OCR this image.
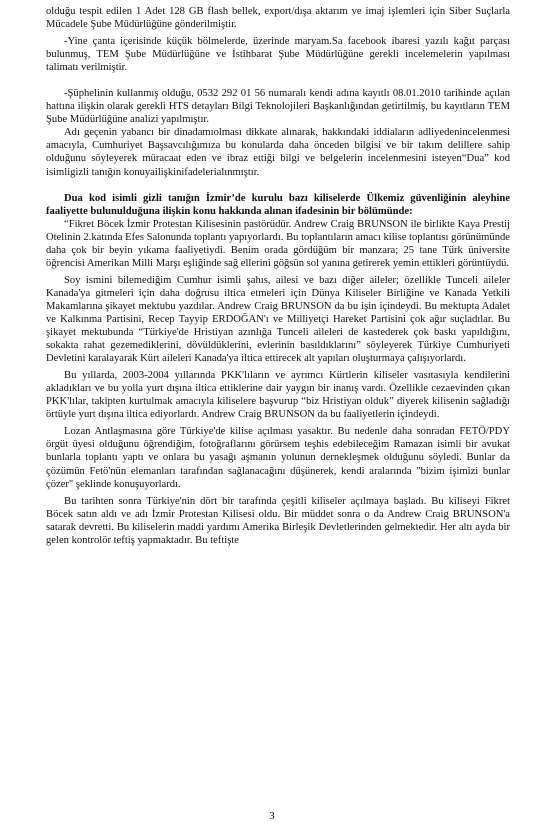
olduğu tespit edilen 1 Adet 128 GB flash bellek, export/dışa aktarım ve imaj işlemleri için Siber Suçlarla Mücadele Şube Müdürlüğüne gönderilmiştir.

-Yine çanta içerisinde küçük bölmelerde, üzerinde maryam.Sa facebook ibaresi yazılı kağıt parçası bulunmuş, TEM Şube Müdürlüğüne ve İstihbarat Şube Müdürlüğüne gerekli incelemelerin yapılması talimatı verilmiştir.

-Şüphelinin kullanmış olduğu, 0532 292 01 56 numaralı kendi adına kayıtlı 08.01.2010 tarihinde açılan hattına ilişkin olarak gerekli HTS detayları Bilgi Teknolojileri Başkanlığından getirtilmiş, bu kayıtların TEM Şube Müdürlüğüne analizi yapılmıştır.

Adı geçenin yabancı bir dinadamıolması dikkate alınarak, hakkındaki iddiaların adliyedenincelenmesi amacıyla, Cumhuriyet Başsavcılığımıza bu konularda daha önceden bilgisi ve bir takım delillere sahip olduğunu söyleyerek müracaat eden ve ibraz ettiği bilgi ve belgelerin incelenmesini isteyen“Dua” kod isimligizli tanığın konuyailişkinifadelerialınmıştır.

Dua kod isimli gizli tanığın İzmir’de kurulu bazı kiliselerde Ülkemiz güvenliğinin aleyhine faaliyette bulunulduğuna ilişkin konu hakkında alınan ifadesinin bir bölümünde:

“Fikret Böcek İzmir Protestan Kilisesinin pastörüdür. Andrew Craig BRUNSON ile birlikte Kaya Prestij Otelinin 2.katında Efes Salonunda toplantı yapıyorlardı. Bu toplantıların amacı kilise toplantısı görünümünde daha çok bir beyin yıkama faaliyetiydi. Benim orada gördüğüm bir manzara; 25 tane Türk üniversite öğrencisi Amerikan Milli Marşı eşliğinde sağ ellerini göğsün sol yanına getirerek yemin ettikleri görüntüydü.

Soy ismini bilemediğim Cumhur isimli şahıs, ailesi ve bazı diğer aileler; özellikle Tunceli aileler Kanada'ya gitmeleri için daha doğrusu iltica etmeleri için Dünya Kiliseler Birliğine ve Kanada Yetkili Makamlarına şikayet mektubu yazdılar. Andrew Craig BRUNSON da bu işin içindeydi. Bu mektupta Adalet ve Kalkınma Partisini, Recep Tayyip ERDOĞAN'ı ve Milliyetçi Hareket Partisini çok ağır suçladılar. Bu şikayet mektubunda “Türkiye'de Hristiyan azınlığa Tunceli aileleri de kastederek çok baskı yapıldığını, sokakta rahat gezemediklerini, dövüldüklerini, evlerinin basıldıklarını” söyleyerek Türkiye Cumhuriyeti Devletini karalayarak Kürt aileleri Kanada'ya iltica ettirecek alt yapıları oluşturmaya çalışıyorlardı.

Bu yıllarda, 2003-2004 yıllarında PKK'lıların ve ayrımcı Kürtlerin kiliseler vasıtasıyla kendilerini akladıkları ve bu yolla yurt dışına iltica ettiklerine dair yaygın bir inanış vardı. Özellikle cezaevinden çıkan PKK'lılar, takipten kurtulmak amacıyla kiliselere başvurup “biz Hristiyan olduk” diyerek kilisenin sağladığı örtüyle yurt dışına iltica ediyorlardı. Andrew Craig BRUNSON da bu faaliyetlerin içindeydi.

Lozan Antlaşmasına göre Türkiye'de kilise açılması yasaktır. Bu nedenle daha sonradan FETÖ/PDY örgüt üyesi olduğunu öğrendiğim, fotoğraflarını görürsem teşhis edebileceğim Ramazan isimli bir avukat bunlarla toplantı yaptı ve onlara bu yasağı aşmanın yolunun dernekleşmek olduğunu söyledi. Bunlar da çözümün Fetö'nün elemanları tarafından sağlanacağını düşünerek, kendi aralarında "bizim işimizi bunlar çözer" şeklinde konuşuyorlardı.

Bu tarihten sonra Türkiye'nin dört bir tarafında çeşitli kiliseler açılmaya başladı. Bu kiliseyi Fikret Böcek satın aldı ve adı İzmir Protestan Kilisesi oldu. Bir müddet sonra o da Andrew Craig BRUNSON'a satarak devretti. Bu kiliselerin maddi yardımı Amerika Birleşik Devletlerinden gelmektedir. Her altı ayda bir gelen kontrolör teftiş yapmaktadır. Bu teftişte

3
